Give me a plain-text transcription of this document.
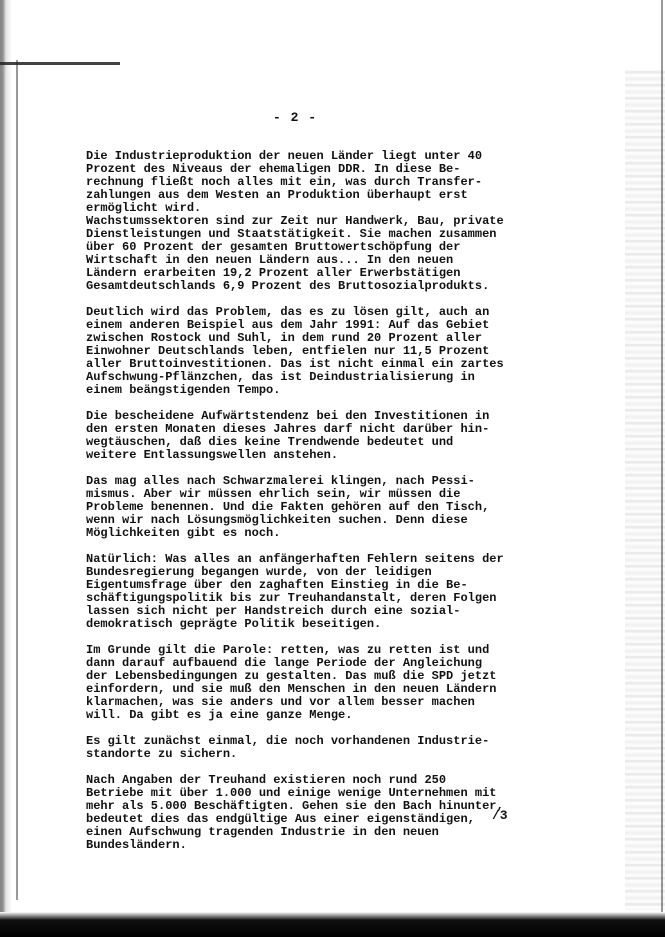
- 2 -

Die Industrieproduktion der neuen Länder liegt unter 40
Prozent des Niveaus der ehemaligen DDR. In diese Be-
rechnung fließt noch alles mit ein, was durch Transfer-
zahlungen aus dem Westen an Produktion überhaupt erst
ermöglicht wird.
Wachstumssektoren sind zur Zeit nur Handwerk, Bau, private
Dienstleistungen und Staatstätigkeit. Sie machen zusammen
über 60 Prozent der gesamten Bruttowertschöpfung der
Wirtschaft in den neuen Ländern aus... In den neuen
Ländern erarbeiten 19,2 Prozent aller Erwerbstätigen
Gesamtdeutschlands 6,9 Prozent des Bruttosozialprodukts.

Deutlich wird das Problem, das es zu lösen gilt, auch an
einem anderen Beispiel aus dem Jahr 1991: Auf das Gebiet
zwischen Rostock und Suhl, in dem rund 20 Prozent aller
Einwohner Deutschlands leben, entfielen nur 11,5 Prozent
aller Bruttoinvestitionen. Das ist nicht einmal ein zartes
Aufschwung-Pflänzchen, das ist Deindustrialisierung in
einem beängstigenden Tempo.

Die bescheidene Aufwärtstendenz bei den Investitionen in
den ersten Monaten dieses Jahres darf nicht darüber hin-
wegtäuschen, daß dies keine Trendwende bedeutet und
weitere Entlassungswellen anstehen.

Das mag alles nach Schwarzmalerei klingen, nach Pessi-
mismus. Aber wir müssen ehrlich sein, wir müssen die
Probleme benennen. Und die Fakten gehören auf den Tisch,
wenn wir nach Lösungsmöglichkeiten suchen. Denn diese
Möglichkeiten gibt es noch.

Natürlich: Was alles an anfängerhaften Fehlern seitens der
Bundesregierung begangen wurde, von der leidigen
Eigentumsfrage über den zaghaften Einstieg in die Be-
schäftigungspolitik bis zur Treuhandanstalt, deren Folgen
lassen sich nicht per Handstreich durch eine sozial-
demokratisch geprägte Politik beseitigen.

Im Grunde gilt die Parole: retten, was zu retten ist und
dann darauf aufbauend die lange Periode der Angleichung
der Lebensbedingungen zu gestalten. Das muß die SPD jetzt
einfordern, und sie muß den Menschen in den neuen Ländern
klarmachen, was sie anders und vor allem besser machen
will. Da gibt es ja eine ganze Menge.

Es gilt zunächst einmal, die noch vorhandenen Industrie-
standorte zu sichern.

Nach Angaben der Treuhand existieren noch rund 250
Betriebe mit über 1.000 und einige wenige Unternehmen mit
mehr als 5.000 Beschäftigten. Gehen sie den Bach hinunter,
bedeutet dies das endgültige Aus einer eigenständigen,
einen Aufschwung tragenden Industrie in den neuen
Bundesländern.

/3
